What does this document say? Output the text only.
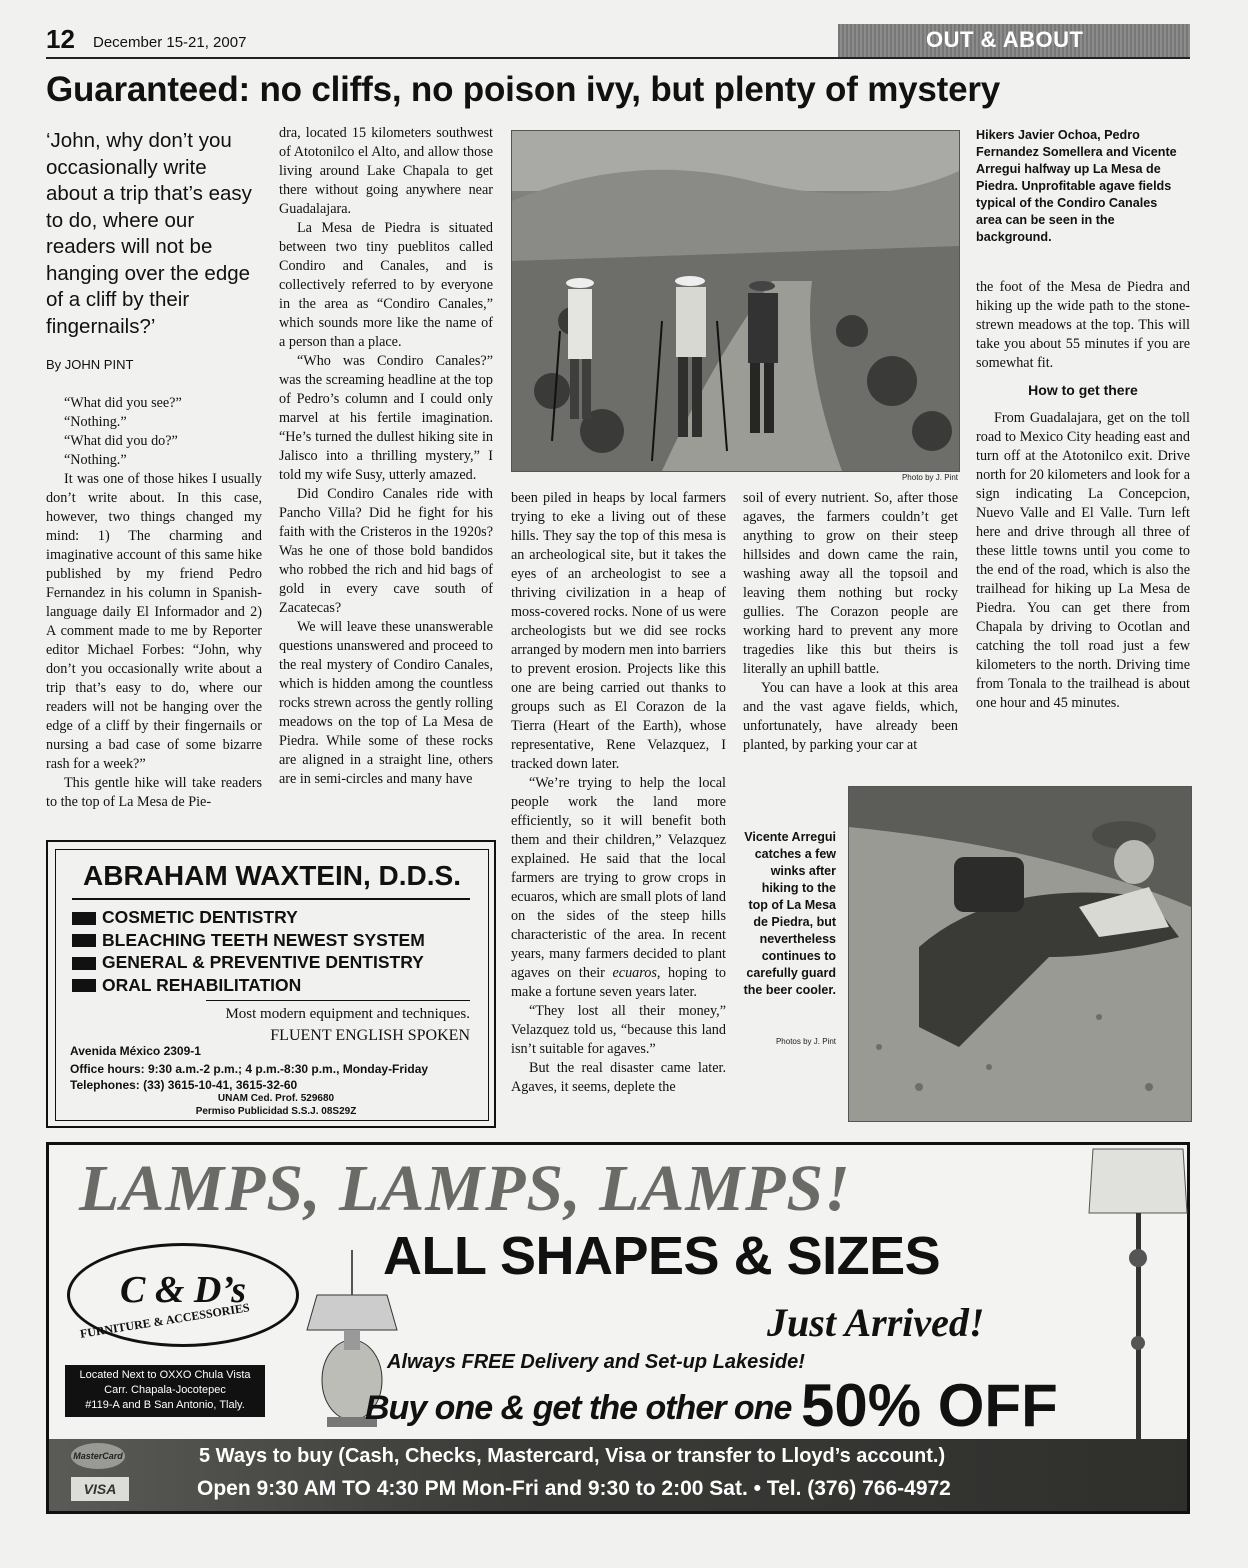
12 December 15-21, 2007	OUT & ABOUT
Guaranteed: no cliffs, no poison ivy, but plenty of mystery
‘John, why don’t you occasionally write about a trip that’s easy to do, where our readers will not be hanging over the edge of a cliff by their fingernails?’
By JOHN PINT

“What did you see?”

“Nothing.”

“What did you do?”

“Nothing.”

It was one of those hikes I usually don’t write about. In this case, however, two things changed my mind: 1) The charming and imaginative account of this same hike published by my friend Pedro Fernandez in his column in Spanish-language daily El Informador and 2) A comment made to me by Reporter editor Michael Forbes: “John, why don’t you occasionally write about a trip that’s easy to do, where our readers will not be hanging over the edge of a cliff by their fingernails or nursing a bad case of some bizarre rash for a week?”

This gentle hike will take readers to the top of La Mesa de Pie-

dra, located 15 kilometers southwest of Atotonilco el Alto, and allow those living around Lake Chapala to get there without going anywhere near Guadalajara.

La Mesa de Piedra is situated between two tiny pueblitos called Condiro and Canales, and is collectively referred to by everyone in the area as “Condiro Canales,” which sounds more like the name of a person than a place.

“Who was Condiro Canales?” was the screaming headline at the top of Pedro’s column and I could only marvel at his fertile imagination. “He’s turned the dullest hiking site in Jalisco into a thrilling mystery,” I told my wife Susy, utterly amazed.

Did Condiro Canales ride with Pancho Villa? Did he fight for his faith with the Cristeros in the 1920s? Was he one of those bold bandidos who robbed the rich and hid bags of gold in every cave south of Zacatecas?

We will leave these unanswerable questions unanswered and proceed to the real mystery of Condiro Canales, which is hidden among the countless rocks strewn across the gently rolling meadows on the top of La Mesa de Piedra. While some of these rocks are aligned in a straight line, others are in semi-circles and many have

Photo by J. Pint

been piled in heaps by local farmers trying to eke a living out of these hills. They say the top of this mesa is an archeological site, but it takes the eyes of an archeologist to see a thriving civilization in a heap of moss-covered rocks. None of us were archeologists but we did see rocks arranged by modern men into barriers to prevent erosion. Projects like this one are being carried out thanks to groups such as El Corazon de la Tierra (Heart of the Earth), whose representative, Rene Velazquez, I tracked down later.

“We’re trying to help the local people work the land more efficiently, so it will benefit both them and their children,” Velazquez explained. He said that the local farmers are trying to grow crops in ecuaros, which are small plots of land on the sides of the steep hills characteristic of the area. In recent years, many farmers decided to plant agaves on their ecuaros, hoping to make a fortune seven years later.

“They lost all their money,” Velazquez told us, “because this land isn’t suitable for agaves.”

But the real disaster came later. Agaves, it seems, deplete the

soil of every nutrient. So, after those agaves, the farmers couldn’t get anything to grow on their steep hillsides and down came the rain, washing away all the topsoil and leaving them nothing but rocky gullies. The Corazon people are working hard to prevent any more tragedies like this but theirs is literally an uphill battle.

You can have a look at this area and the vast agave fields, which, unfortunately, have already been planted, by parking your car at

Hikers Javier Ochoa, Pedro Fernandez Somellera and Vicente Arregui halfway up La Mesa de Piedra. Unprofitable agave fields typical of the Condiro Canales area can be seen in the background.

the foot of the Mesa de Piedra and hiking up the wide path to the stone-strewn meadows at the top. This will take you about 55 minutes if you are somewhat fit.

How to get there

From Guadalajara, get on the toll road to Mexico City heading east and turn off at the Atotonilco exit. Drive north for 20 kilometers and look for a sign indicating La Concepcion, Nuevo Valle and El Valle. Turn left here and drive through all three of these little towns until you come to the end of the road, which is also the trailhead for hiking up La Mesa de Piedra. You can get there from Chapala by driving to Ocotlan and catching the toll road just a few kilometers to the north. Driving time from Tonala to the trailhead is about one hour and 45 minutes.

Vicente Arregui catches a few winks after hiking to the top of La Mesa de Piedra, but nevertheless continues to carefully guard the beer cooler.
Photos by J. Pint
ABRAHAM WAXTEIN, D.D.S.
COSMETIC DENTISTRY
BLEACHING TEETH NEWEST SYSTEM
GENERAL & PREVENTIVE DENTISTRY
ORAL REHABILITATION
Most modern equipment and techniques.
FLUENT ENGLISH SPOKEN
Avenida México 2309-1
Office hours: 9:30 a.m.-2 p.m.; 4 p.m.-8:30 p.m., Monday-Friday
Telephones: (33) 3615-10-41, 3615-32-60
UNAM Ced. Prof. 529680
Permiso Publicidad S.S.J. 08S29Z
LAMPS, LAMPS, LAMPS!
ALL SHAPES & SIZES
Just Arrived!
C & D’s
FURNITURE & ACCESSORIES
Located Next to OXXO Chula Vista
Carr. Chapala-Jocotepec
#119-A and B San Antonio, Tlaly.
Always FREE Delivery and Set-up Lakeside!
Buy one & get the other one 50% OFF
MasterCard
VISA
5 Ways to buy (Cash, Checks, Mastercard, Visa or transfer to Lloyd’s account.)
Open 9:30 AM TO 4:30 PM Mon-Fri and 9:30 to 2:00 Sat. • Tel. (376) 766-4972
